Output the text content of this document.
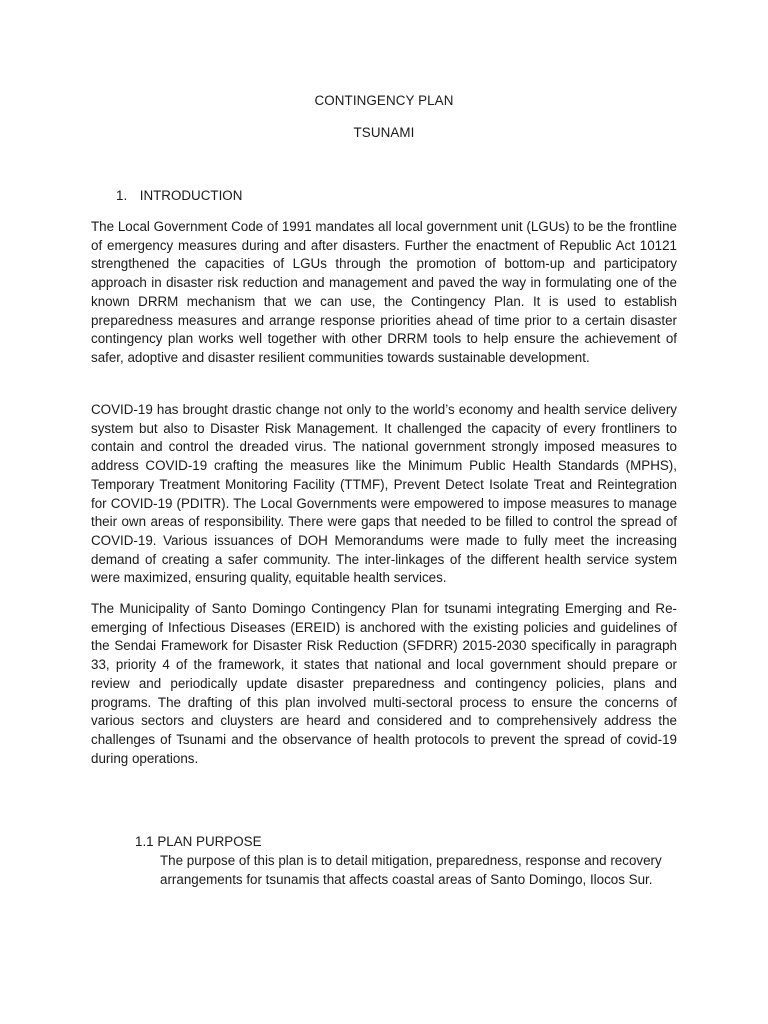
CONTINGENCY PLAN
TSUNAMI
1. INTRODUCTION

The Local Government Code of 1991 mandates all local government unit (LGUs) to be the frontline of emergency measures during and after disasters. Further the enactment of Republic Act 10121 strengthened the capacities of LGUs through the promotion of bottom-up and participatory approach in disaster risk reduction and management and paved the way in formulating one of the known DRRM mechanism that we can use, the Contingency Plan. It is used to establish preparedness measures and arrange response priorities ahead of time prior to a certain disaster contingency plan works well together with other DRRM tools to help ensure the achievement of safer, adoptive and disaster resilient communities towards sustainable development.

COVID-19 has brought drastic change not only to the world’s economy and health service delivery system but also to Disaster Risk Management. It challenged the capacity of every frontliners to contain and control the dreaded virus. The national government strongly imposed measures to address COVID-19 crafting the measures like the Minimum Public Health Standards (MPHS), Temporary Treatment Monitoring Facility (TTMF), Prevent Detect Isolate Treat and Reintegration for COVID-19 (PDITR). The Local Governments were empowered to impose measures to manage their own areas of responsibility. There were gaps that needed to be filled to control the spread of COVID-19. Various issuances of DOH Memorandums were made to fully meet the increasing demand of creating a safer community. The inter-linkages of the different health service system were maximized, ensuring quality, equitable health services.

The Municipality of Santo Domingo Contingency Plan for tsunami integrating Emerging and Re-emerging of Infectious Diseases (EREID) is anchored with the existing policies and guidelines of the Sendai Framework for Disaster Risk Reduction (SFDRR) 2015-2030 specifically in paragraph 33, priority 4 of the framework, it states that national and local government should prepare or review and periodically update disaster preparedness and contingency policies, plans and programs. The drafting of this plan involved multi-sectoral process to ensure the concerns of various sectors and cluysters are heard and considered and to comprehensively address the challenges of Tsunami and the observance of health protocols to prevent the spread of covid-19 during operations.

1.1 PLAN PURPOSE

The purpose of this plan is to detail mitigation, preparedness, response and recovery arrangements for tsunamis that affects coastal areas of Santo Domingo, Ilocos Sur.
